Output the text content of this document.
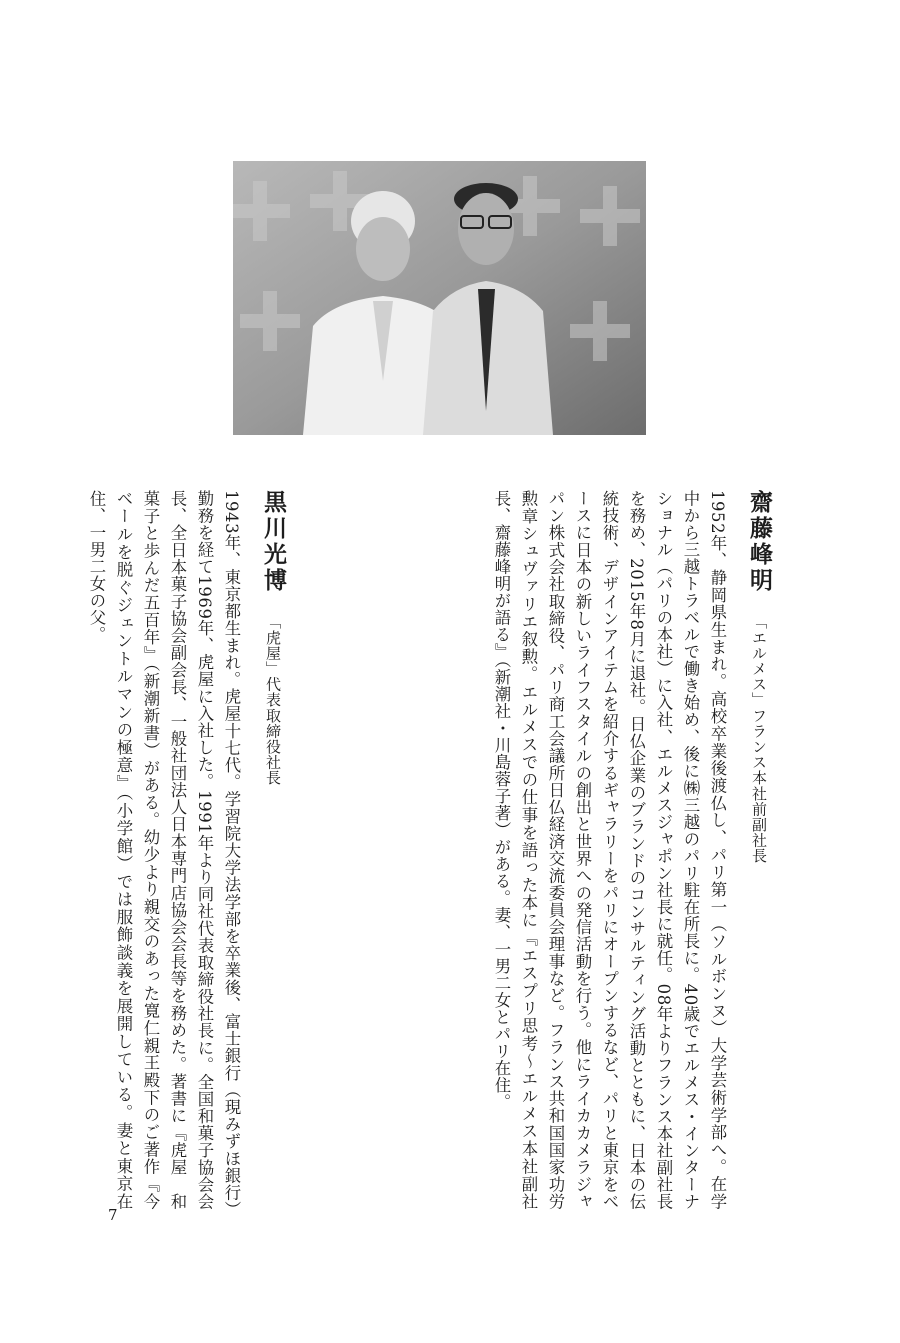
齋藤峰明 「エルメス」フランス本社前副社長
1952年、静岡県生まれ。高校卒業後渡仏し、パリ第一（ソルボンヌ）大学芸術学部へ。在学中から三越トラベルで働き始め、後に㈱三越のパリ駐在所長に。40歳でエルメス・インターナショナル（パリの本社）に入社、エルメスジャポン社長に就任。08年よりフランス本社副社長を務め、2015年8月に退社。日仏企業のブランドのコンサルティング活動とともに、日本の伝統技術、デザインアイテムを紹介するギャラリーをパリにオープンするなど、パリと東京をベースに日本の新しいライフスタイルの創出と世界への発信活動を行う。他にライカカメラジャパン株式会社取締役、パリ商工会議所日仏経済交流委員会理事など。フランス共和国国家功労勲章シュヴァリエ叙勲。エルメスでの仕事を語った本に『エスプリ思考〜エルメス本社副社長、齋藤峰明が語る』（新潮社・川島蓉子著）がある。妻、一男二女とパリ在住。
黒川光博 「虎屋」代表取締役社長
1943年、東京都生まれ。虎屋十七代。学習院大学法学部を卒業後、富士銀行（現みずほ銀行）勤務を経て1969年、虎屋に入社した。1991年より同社代表取締役社長に。全国和菓子協会会長、全日本菓子協会副会長、一般社団法人日本専門店協会会長等を務めた。著書に『虎屋　和菓子と歩んだ五百年』（新潮新書）がある。幼少より親交のあった寛仁親王殿下のご著作『今ベールを脱ぐジェントルマンの極意』（小学館）では服飾談義を展開している。妻と東京在住、一男二女の父。
7
